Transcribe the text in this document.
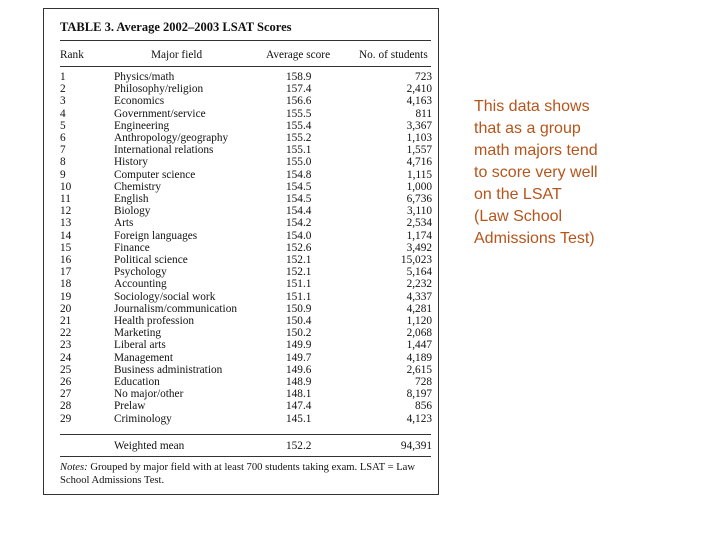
TABLE 3. Average 2002–2003 LSAT Scores
Rank	Major field	Average score	No. of students
1	Physics/math	158.9	723
2	Philosophy/religion	157.4	2,410
3	Economics	156.6	4,163
4	Government/service	155.5	811
5	Engineering	155.4	3,367
6	Anthropology/geography	155.2	1,103
7	International relations	155.1	1,557
8	History	155.0	4,716
9	Computer science	154.8	1,115
10	Chemistry	154.5	1,000
11	English	154.5	6,736
12	Biology	154.4	3,110
13	Arts	154.2	2,534
14	Foreign languages	154.0	1,174
15	Finance	152.6	3,492
16	Political science	152.1	15,023
17	Psychology	152.1	5,164
18	Accounting	151.1	2,232
19	Sociology/social work	151.1	4,337
20	Journalism/communication	150.9	4,281
21	Health profession	150.4	1,120
22	Marketing	150.2	2,068
23	Liberal arts	149.9	1,447
24	Management	149.7	4,189
25	Business administration	149.6	2,615
26	Education	148.9	728
27	No major/other	148.1	8,197
28	Prelaw	147.4	856
29	Criminology	145.1	4,123
Weighted mean	152.2	94,391
Notes: Grouped by major field with at least 700 students taking exam. LSAT = Law School Admissions Test.
This data shows
that as a group
math majors tend
to score very well
on the LSAT
(Law School
Admissions Test)
